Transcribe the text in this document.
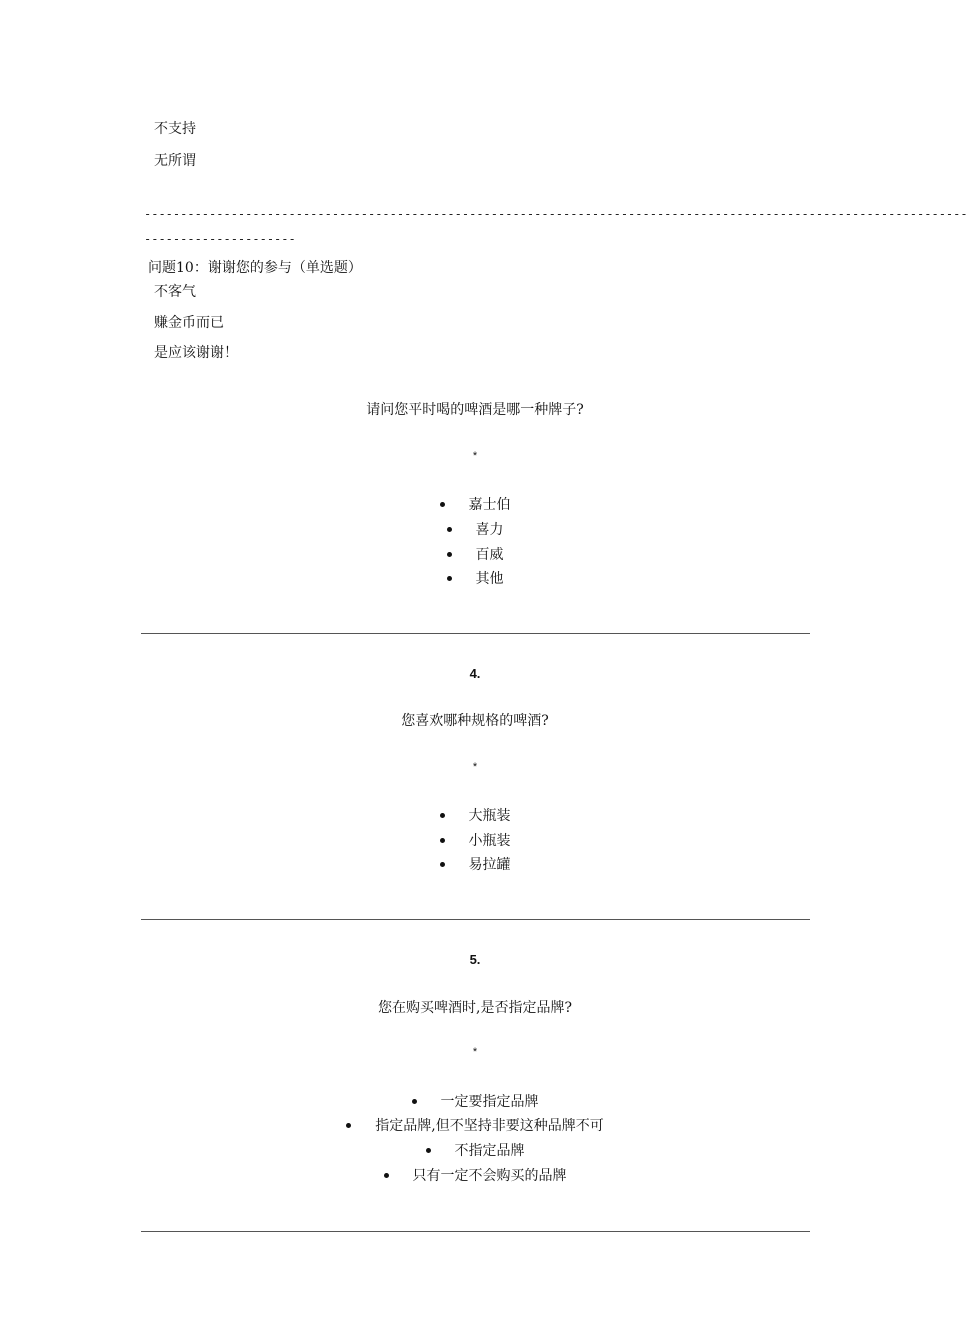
不支持
无所谓
------------------------------------------------------------------------------------------------------------------
---------------------
问题10：谢谢您的参与（单选题）
不客气
赚金币而已
是应该谢谢！
请问您平时喝的啤酒是哪一种牌子?
*
嘉士伯
喜力
百威
其他
4.
您喜欢哪种规格的啤酒?
*
大瓶装
小瓶装
易拉罐
5.
您在购买啤酒时,是否指定品牌?
*
一定要指定品牌
指定品牌,但不坚持非要这种品牌不可
不指定品牌
只有一定不会购买的品牌
